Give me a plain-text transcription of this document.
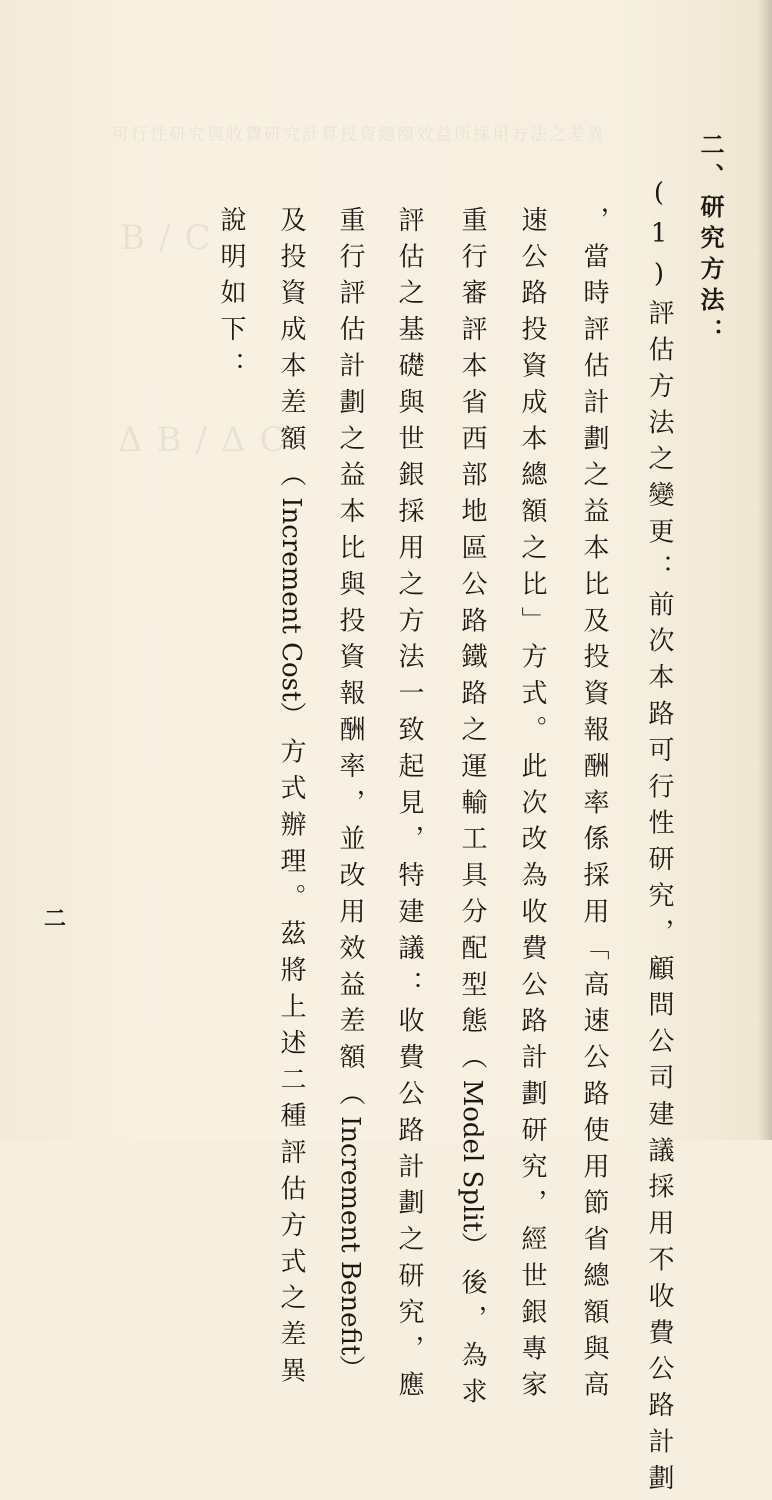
可行性研究與收費研究計算投資總額效益所採用方法之差異
B/C
ΔB/ΔC
二、研究方法：
(1)評估方法之變更：前次本路可行性研究，顧問公司建議採用不收費公路計劃
，當時評估計劃之益本比及投資報酬率係採用「高速公路使用節省總額與高
速公路投資成本總額之比」方式。此次改為收費公路計劃研究，經世銀專家
重行審評本省西部地區公路鐵路之運輸工具分配型態（Model Split）後，為求
評估之基礎與世銀採用之方法一致起見，特建議：收費公路計劃之研究，應
重行評估計劃之益本比與投資報酬率，並改用效益差額（Increment Benefit）
及投資成本差額（Increment Cost）方式辦理。茲將上述二種評估方式之差異
說明如下：
二
